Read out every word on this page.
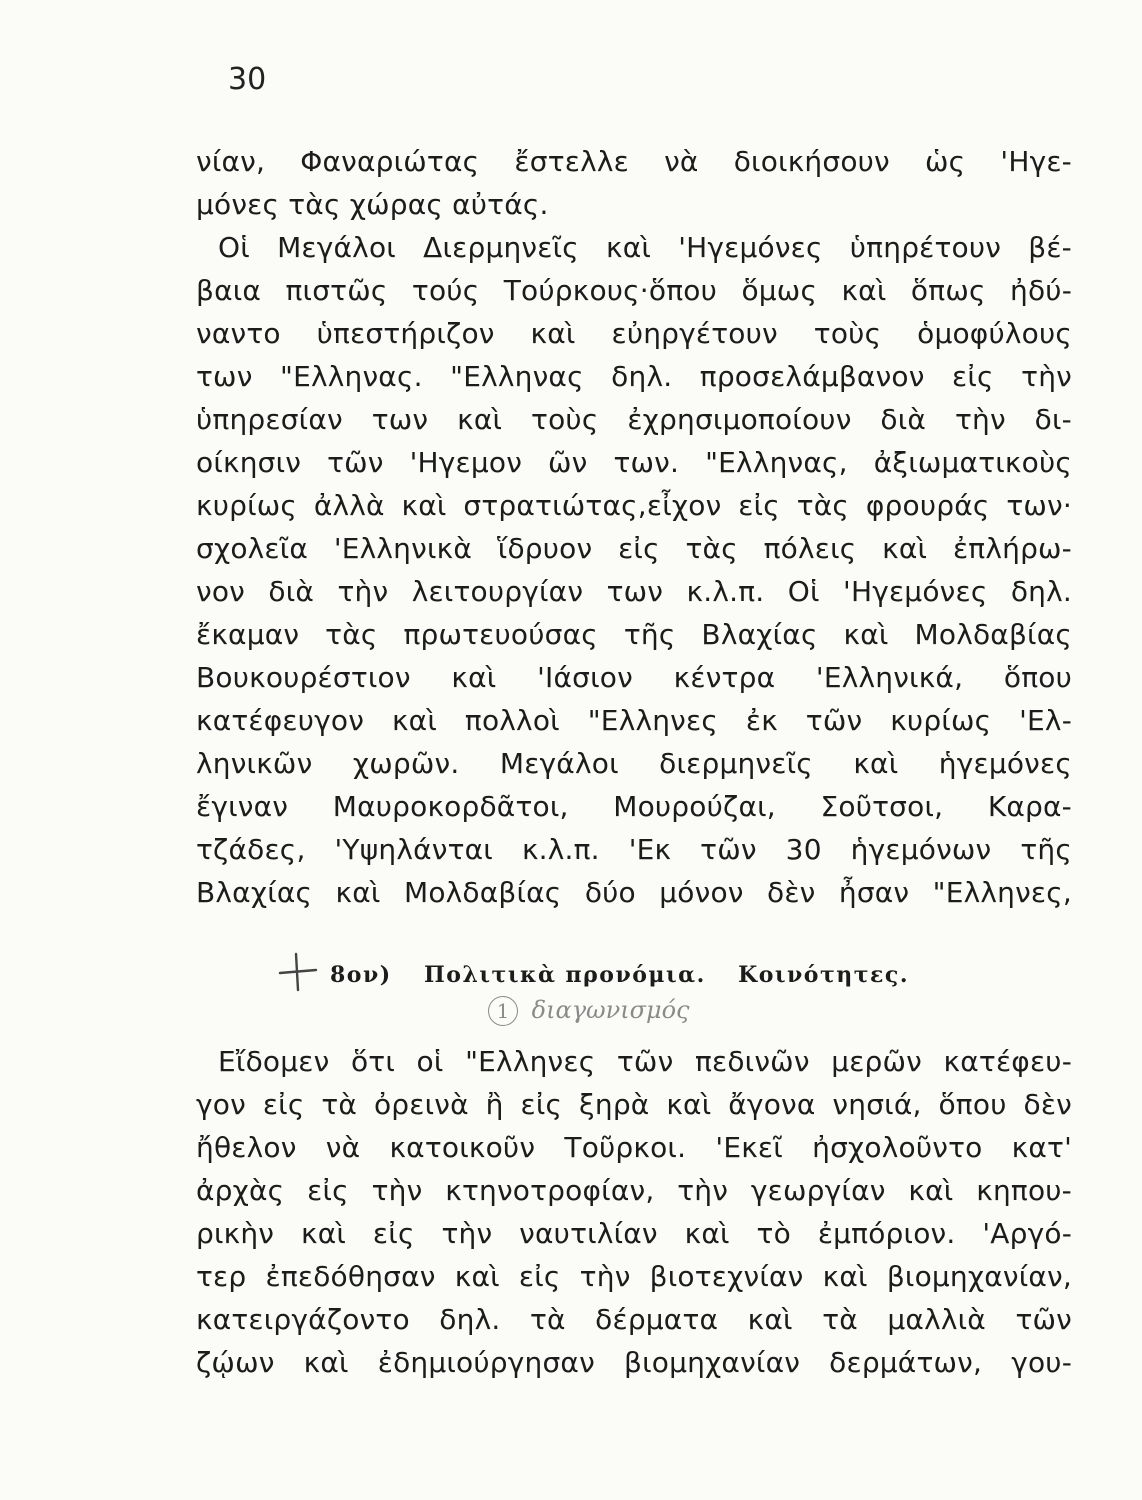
30
νίαν, Φαναριώτας ἔστελλε νὰ διοικήσουν ὡς 'Ηγε-
μόνες τὰς χώρας αὐτάς.
Οἱ Μεγάλοι Διερμηνεῖς καὶ 'Ηγεμόνες ὑπηρέτουν βέ-
βαια πιστῶς τούς Τούρκους·ὅπου ὅμως καὶ ὅπως ἠδύ-
ναντο ὑπεστήριζον καὶ εὐηργέτουν τοὺς ὁμοφύλους
των "Ελληνας. "Ελληνας δηλ. προσελάμβανον εἰς τὴν
ὑπηρεσίαν των καὶ τοὺς ἐχρησιμοποίουν διὰ τὴν δι-
οίκησιν τῶν 'Ηγεμον ῶν των. "Ελληνας, ἀξιωματικοὺς
κυρίως ἀλλὰ καὶ στρατιώτας,εἶχον εἰς τὰς φρουράς των·
σχολεῖα 'Ελληνικὰ ἵδρυον εἰς τὰς πόλεις καὶ ἐπλήρω-
νον διὰ τὴν λειτουργίαν των κ.λ.π. Οἱ 'Ηγεμόνες δηλ.
ἔκαμαν τὰς πρωτευούσας τῆς Βλαχίας καὶ Μολδαβίας
Βουκουρέστιον καὶ 'Ιάσιον κέντρα 'Ελληνικά, ὅπου
κατέφευγον καὶ πολλοὶ "Ελληνες ἐκ τῶν κυρίως 'Ελ-
ληνικῶν χωρῶν. Μεγάλοι διερμηνεῖς καὶ ἡγεμόνες
ἔγιναν Μαυροκορδᾶτοι, Μουρούζαι, Σοῦτσοι, Καρα-
τζάδες, 'Υψηλάνται κ.λ.π. 'Εκ τῶν 30 ἡγεμόνων τῆς
Βλαχίας καὶ Μολδαβίας δύο μόνον δὲν ἦσαν "Ελληνες,
8ον) Πολιτικὰ προνόμια. Κοινότητες.
1 διαγωνισμός
Εἴδομεν ὅτι οἱ "Ελληνες τῶν πεδινῶν μερῶν κατέφευ-
γον εἰς τὰ ὀρεινὰ ἢ εἰς ξηρὰ καὶ ἄγονα νησιά, ὅπου δὲν
ἤθελον νὰ κατοικοῦν Τοῦρκοι. 'Εκεῖ ἠσχολοῦντο κατ'
ἀρχὰς εἰς τὴν κτηνοτροφίαν, τὴν γεωργίαν καὶ κηπου-
ρικὴν καὶ εἰς τὴν ναυτιλίαν καὶ τὸ ἐμπόριον. 'Αργό-
τερ ἐπεδόθησαν καὶ εἰς τὴν βιοτεχνίαν καὶ βιομηχανίαν,
κατειργάζοντο δηλ. τὰ δέρματα καὶ τὰ μαλλιὰ τῶν
ζῴων καὶ ἐδημιούργησαν βιομηχανίαν δερμάτων, γου-
